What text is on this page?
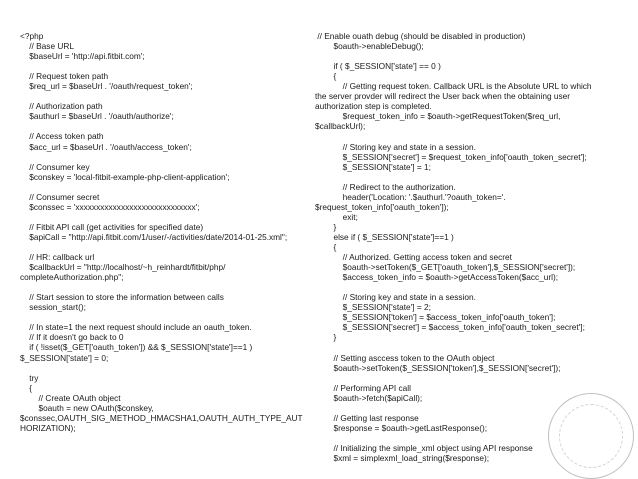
<?php
// Base URL
$baseUrl = 'http://api.fitbit.com';
// Request token path
$req_url = $baseUrl . '/oauth/request_token';
// Authorization path
$authurl = $baseUrl . '/oauth/authorize';
// Access token path
$acc_url = $baseUrl . '/oauth/access_token';
// Consumer key
$conskey = 'local-fitbit-example-php-client-application';
// Consumer secret
$conssec = 'xxxxxxxxxxxxxxxxxxxxxxxxxxxxx';
// Fitbit API call (get activities for specified date)
$apiCall = "http://api.fitbit.com/1/user/-/activities/date/2014-01-25.xml";
// HR: callback url
$callbackUrl = "http://localhost/~h_reinhardt/fitbit/php/
completeAuthorization.php";
// Start session to store the information between calls
session_start();
// In state=1 the next request should include an oauth_token.
// If it doesn't go back to 0
if ( !isset($_GET['oauth_token']) && $_SESSION['state']==1 )
$_SESSION['state'] = 0;
try
{
// Create OAuth object
$oauth = new OAuth($conskey,
$conssec,OAUTH_SIG_METHOD_HMACSHA1,OAUTH_AUTH_TYPE_AUT
HORIZATION);
// Enable ouath debug (should be disabled in production)
$oauth->enableDebug();
if ( $_SESSION['state'] == 0 )
{
// Getting request token. Callback URL is the Absolute URL to which
the server provder will redirect the User back when the obtaining user
authorization step is completed.
$request_token_info = $oauth->getRequestToken($req_url,
$callbackUrl);
// Storing key and state in a session.
$_SESSION['secret'] = $request_token_info['oauth_token_secret'];
$_SESSION['state'] = 1;
// Redirect to the authorization.
header('Location: '.$authurl.'?oauth_token='.
$request_token_info['oauth_token']);
exit;
}
else if ( $_SESSION['state']==1 )
{
// Authorized. Getting access token and secret
$oauth->setToken($_GET['oauth_token'],$_SESSION['secret']);
$access_token_info = $oauth->getAccessToken($acc_url);
// Storing key and state in a session.
$_SESSION['state'] = 2;
$_SESSION['token'] = $access_token_info['oauth_token'];
$_SESSION['secret'] = $access_token_info['oauth_token_secret'];
}
// Setting asccess token to the OAuth object
$oauth->setToken($_SESSION['token'],$_SESSION['secret']);
// Performing API call
$oauth->fetch($apiCall);
// Getting last response
$response = $oauth->getLastResponse();
// Initializing the simple_xml object using API response
$xml = simplexml_load_string($response);
